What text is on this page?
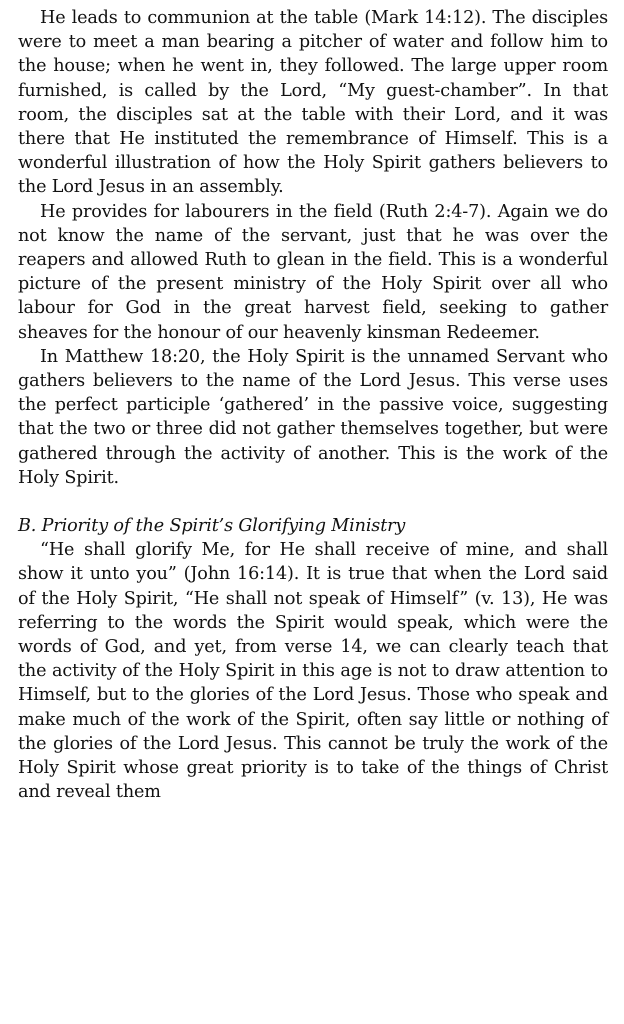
He leads to communion at the table (Mark 14:12). The disciples were to meet a man bearing a pitcher of water and follow him to the house; when he went in, they followed. The large upper room furnished, is called by the Lord, “My guest-chamber”. In that room, the disciples sat at the table with their Lord, and it was there that He instituted the remembrance of Himself. This is a wonderful illustration of how the Holy Spirit gathers believers to the Lord Jesus in an assembly.

He provides for labourers in the field (Ruth 2:4-7). Again we do not know the name of the servant, just that he was over the reapers and allowed Ruth to glean in the field. This is a wonderful picture of the present ministry of the Holy Spirit over all who labour for God in the great harvest field, seeking to gather sheaves for the honour of our heavenly kinsman Redeemer.

In Matthew 18:20, the Holy Spirit is the unnamed Servant who gathers believers to the name of the Lord Jesus. This verse uses the perfect participle ‘gathered’ in the passive voice, suggesting that the two or three did not gather themselves together, but were gathered through the activity of another. This is the work of the Holy Spirit.

B. Priority of the Spirit’s Glorifying Ministry

“He shall glorify Me, for He shall receive of mine, and shall show it unto you” (John 16:14). It is true that when the Lord said of the Holy Spirit, “He shall not speak of Himself” (v. 13), He was referring to the words the Spirit would speak, which were the words of God, and yet, from verse 14, we can clearly teach that the activity of the Holy Spirit in this age is not to draw attention to Himself, but to the glories of the Lord Jesus. Those who speak and make much of the work of the Spirit, often say little or nothing of the glories of the Lord Jesus. This cannot be truly the work of the Holy Spirit whose great priority is to take of the things of Christ and reveal them
